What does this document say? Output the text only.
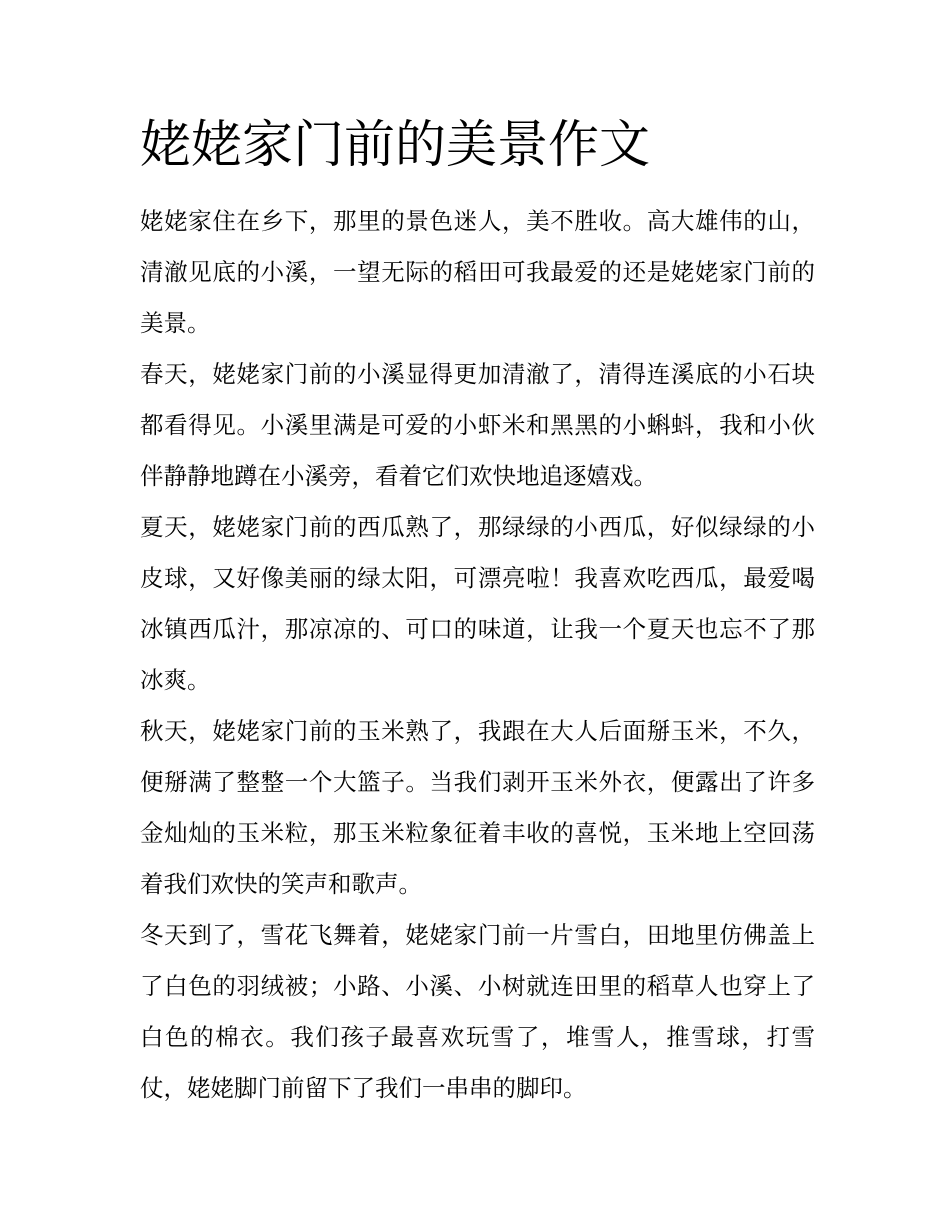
姥姥家门前的美景作文

姥姥家住在乡下，那里的景色迷人，美不胜收。高大雄伟的山，清澈见底的小溪，一望无际的稻田可我最爱的还是姥姥家门前的美景。

春天，姥姥家门前的小溪显得更加清澈了，清得连溪底的小石块都看得见。小溪里满是可爱的小虾米和黑黑的小蝌蚪，我和小伙伴静静地蹲在小溪旁，看着它们欢快地追逐嬉戏。

夏天，姥姥家门前的西瓜熟了，那绿绿的小西瓜，好似绿绿的小皮球，又好像美丽的绿太阳，可漂亮啦！我喜欢吃西瓜，最爱喝冰镇西瓜汁，那凉凉的、可口的味道，让我一个夏天也忘不了那冰爽。

秋天，姥姥家门前的玉米熟了，我跟在大人后面掰玉米，不久，便掰满了整整一个大篮子。当我们剥开玉米外衣，便露出了许多金灿灿的玉米粒，那玉米粒象征着丰收的喜悦，玉米地上空回荡着我们欢快的笑声和歌声。

冬天到了，雪花飞舞着，姥姥家门前一片雪白，田地里仿佛盖上了白色的羽绒被；小路、小溪、小树就连田里的稻草人也穿上了白色的棉衣。我们孩子最喜欢玩雪了，堆雪人，推雪球，打雪仗，姥姥脚门前留下了我们一串串的脚印。
